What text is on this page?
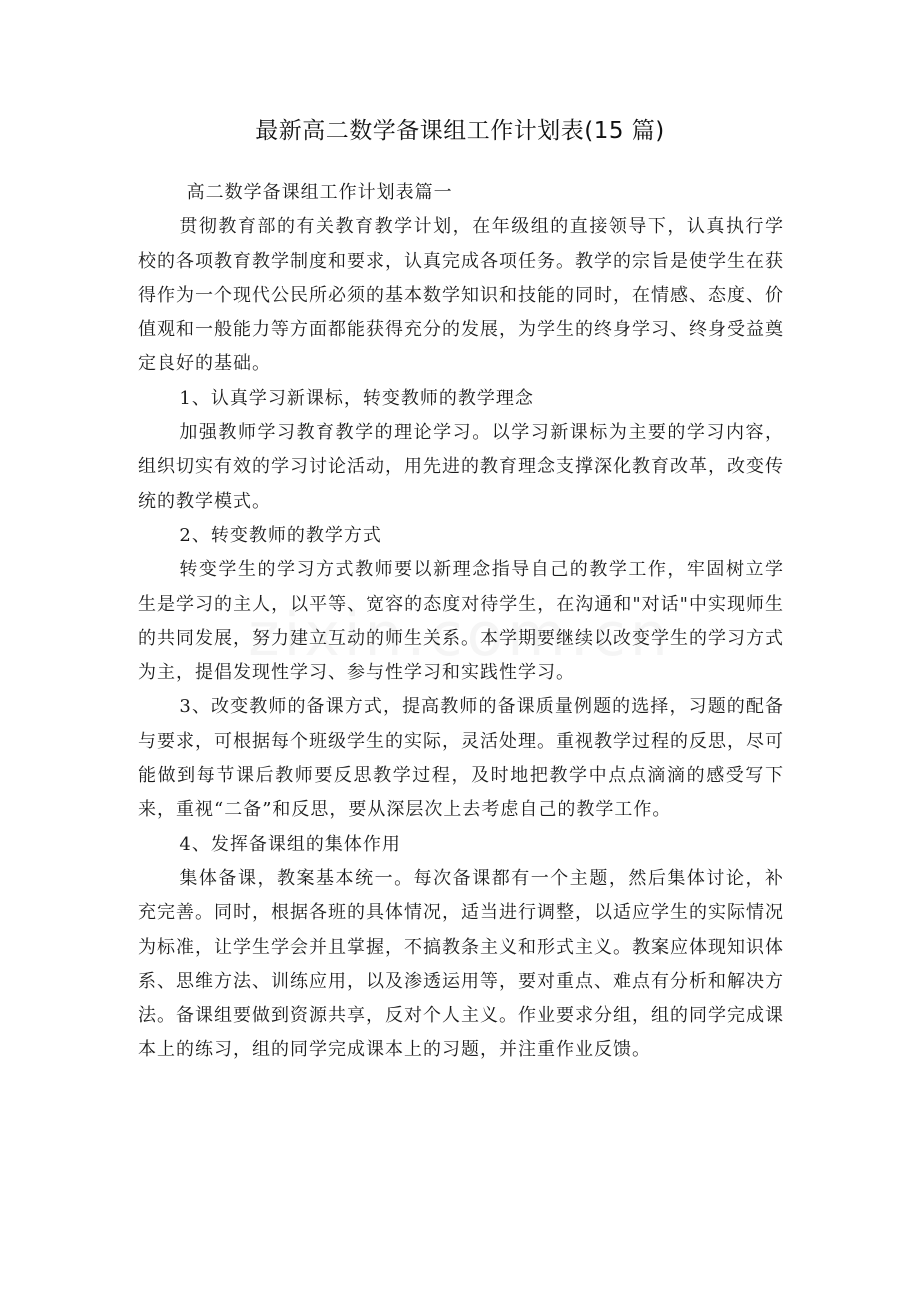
最新高二数学备课组工作计划表(15 篇)

高二数学备课组工作计划表篇一

贯彻教育部的有关教育教学计划，在年级组的直接领导下，认真执行学校的各项教育教学制度和要求，认真完成各项任务。教学的宗旨是使学生在获得作为一个现代公民所必须的基本数学知识和技能的同时，在情感、态度、价值观和一般能力等方面都能获得充分的发展，为学生的终身学习、终身受益奠定良好的基础。

1、认真学习新课标，转变教师的教学理念

加强教师学习教育教学的理论学习。以学习新课标为主要的学习内容，组织切实有效的学习讨论活动，用先进的教育理念支撑深化教育改革，改变传统的教学模式。

2、转变教师的教学方式

转变学生的学习方式教师要以新理念指导自己的教学工作，牢固树立学生是学习的主人，以平等、宽容的态度对待学生，在沟通和"对话"中实现师生的共同发展，努力建立互动的师生关系。本学期要继续以改变学生的学习方式为主，提倡发现性学习、参与性学习和实践性学习。

3、改变教师的备课方式，提高教师的备课质量例题的选择，习题的配备与要求，可根据每个班级学生的实际，灵活处理。重视教学过程的反思，尽可能做到每节课后教师要反思教学过程，及时地把教学中点点滴滴的感受写下来，重视“二备”和反思，要从深层次上去考虑自己的教学工作。

4、发挥备课组的集体作用

集体备课，教案基本统一。每次备课都有一个主题，然后集体讨论，补充完善。同时，根据各班的具体情况，适当进行调整，以适应学生的实际情况为标准，让学生学会并且掌握，不搞教条主义和形式主义。教案应体现知识体系、思维方法、训练应用，以及渗透运用等，要对重点、难点有分析和解决方法。备课组要做到资源共享，反对个人主义。作业要求分组，组的同学完成课本上的练习，组的同学完成课本上的习题，并注重作业反馈。
